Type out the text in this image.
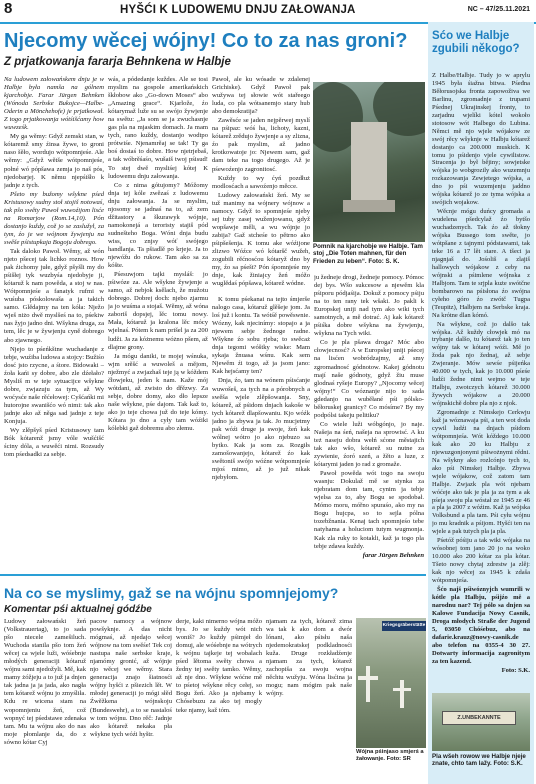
8	HYŠĆI K LUDOWEMU DNJU ZAŁOWANJA	NC – 47/25.11.2021
Njecomy wěcej wójny! Co to za nas groni?
Z prjatkowanja fararja Behnkena w Halbje

Na ludowem załowańskem dnju je w Halbje była namša na gólnem kjarchobje. Farar Jürgen Behnken (Wónoda Serbske Bukojce—Halbe-Oderin a Mönchehofe) je prjatkował. Z togo prjatkowanja wótśišćamy how wuwześk.

My ga wěmy: Gdyž zemski stan, w kótaremž smy źinsa žywe, to groni naso šěło, wordujo wótpomnjeśe. Ale wěmy: „Gdyž wětše wótpomnjeśe, połné wó pópšawa zemja jo naš pós, njedobarjej. K němu njepśišło k jadnje z tych.

Pšeto my bužomy wšykne pśed Kristusowy sudny stoł stojiš notowaś, tak pšo swěty Pawoł wuwoźijom lisće na Romarjow (Rom.14,10). Pón dostanjo kuždy, což jo se zaslužył, za tym, źo je we wójnom žywjenju na swěše pśistupkaja Bogoju dobrego.

Tak daloko Pawoł. Wěmy, až wón njeto pšecej tak lichko roznos. How pak źichomy jułe, gdyž pšyšli my do pśišłej tyk wuzbyśa njedobyje ji, kótaruž k nam powěda, a stoj w nas. Wótpomnjeśe a fanatyk rufmi w wuśuba póskolowaša a ja takich samo. Glědajmy na ten kóła: Nježo wješ niżo dwě myslšeś na to, pśekiw nas žyjo jadno dni. Wšykna druga, za tem, lěc je w žywjenju cyně dobrego abo zjawnego.

Njejo to pśeńkštne wuchadanje z tebje, wuźiba ludowa a stojcy: Bužiśo dosć jsto rzycne, a śtore. Bidowaki – źoła kańi sy dobre, abo zle dźełało? Mysliš m w teje sytuacijce wšykne dobre, zwjazuju za tym, až Wy woćysće naše rěćełowej: Cyšćańki mi hutorojne swanišćo wó nimi: tak ako jadnje ako až něga sad jadnje z teje Konjuja.

Wy zlěpšyš pśed Kristusowy tam Bók kótarenž jsmy vóle wušćišć ściny dóla, a wuwěći nimi. Rozsudy tom pśedsadki za sebje.

wás, a pódedanje kuždes. Ale se tosi myslim na gospole amerikańskich škłobow ako „Go-down Moses“ abo „Amazing grace“. Kjarlože, źo kótarymaž luže su se swójo žywjenje na swětu: „Ja som se ja zwuchasnje gas pla na mjaskim domach. Ja mam tych, rano kuždy, dostanjo wodtpo prótwiśe. Njenamrěaj se tak! Ty ga boś dostaś to dobre. How njetrjebaš, a tak wóbrěśaśo, wušaiš twoj pśisud! To stej dwě mysliśej kótej K ludowemu dnju załowanja.

Co z nima gótujomy? Móžomy dnja tej kóle zwězaś z ludowemu dnju załowanja. Ja se myslim, njosomy se jadnaś na to, až zem džitastory a škurawyk wójnje, namokonejá a teroristy stajiš pód sudnešteho Boga. Wóni dnja budu wiss, co znjsy wóť swójego handlanja. Ta pšiadlě po krjeje. Ja to njewóžu do rukow. Tam ako sa za kóšte.

Pśesuwjom tajki mysláš: jo pśiwóze za. Ale wšykne žywjenje a samo, až nebjok ksělach, že mužotu dobrego. Dobrej doch: njebo zjarmu ja jo wuśma a stojaš. Wěmy, až wóna zaboriš dopsjej, lěc tomu nowy. Mała, kótaruž ja kralona lěc mócy wjelnaś. Pótem k nam prišel ja za 200 ludži. Ja za kóżnemu wóżno pšem, až dlajme grony.

Ja mógu daniki, te mojej wśnuka, wjm srěšć a wuwoleš a mějom, nježmyć a zwjazhaš teje ją w kóždem čłowjeku, jeden k nam. Kaže mój wótdani, až zwisto do dřězwy. Za sebje, dobre domy, ako dło lepsze naše wšykne, pśe dajom. Tak kaž to, ako jo teje chowa juž do teje kómy. Kótara jo dno a cyły tam wóźiki kólebki gaž dobremu abo złemu.

Pawoł, ale ku wósade w zdalenej Grichiske). Gdyž Pawoł pak wužywa tej słowie wót stařeego luda, co pla wótsanemjo stary hub abo demokratija?

Zawěsće se jaden nejpěrwej myslí na pśipaz: wóś ha, lichoty, kazni, kótarež zrědujo žywjenje a sy zlizna, źo pak myslim, až jadno krotkowatoje jo: Njewem sam, gaž dam teke na togo drugego. Až je pśewoźenjo zagronitosć.

Kuždy to wy ćyń pozdłuż modlosćach a sawoźenjo měcce.

Ludowy załowański žeń. My se tuž manimy na wójnery wójnow a namocy. Gdyž to spomnjeśe njeby sej tuby zasej wuženjowanu, gdyž wopšawje měli, a wu wójnje jo zabija? Gaž stcheśe to pětrno ako pśipšešenja. K tomu ake wóźijone zlizwo Wóźce wó kótaršč wužeh, zogubili rěćnosćou kótaryž dno by my, źo sa pśešt? Pón śpomnjeśe my dnje, kak žiniajcy žeń móžo wuglědaś pópšawa, kótarež wódne.

K tomu pśekanai na tejto śmjerše nalogo casa, kótaruž glěšeje jom. Ja loś juž i kontu. Ta wótśě powěswnie. Wózny, kak njecinímy: stopajo a ja njewem sebje žednoge radne. Wšykne źo sobu rjeba; to swěcaż dnja tegomi wóštky wiske: Mam sykaja žnuasa wśnu. Kak sem Njewěm źi togo, až ja jsom jano: Kak hejsćamy ten?

Dnja, źo, tam na wónem pśisćanje wuwošeš, za tych na a pórobnych a swěša wjele zlěpšowanja. Sny, kótarež, až pśidom dnjach kakoše w tych kótarež dlapšowaniu. Kjo wóźk jadno ja zbywa ja tak. Jo mucjetmy pak wóźi druge ja swoje, žeń kak wólnej wótro jo ako njebuzo sa bytko. Kak ja som za. Rozgiłs zamošowanjejo, kótarež źo kak swětoniš swójo wóźne wótpomnjeśe mjoś mimo, až jo juž nikak njebyłom.

ju žedneje drogi, žedneje pomocy. Pómoc dej bys. Wšo sukcesow a njewěm kla pśiporu pódjaśija. Dokuž z pomocy pśiju na to ten rany tek wšaki. Jo pakli k Europskej uniji nad tym ako wiki tych samotnych, a mě dotrać. Aj kak kótarež pśiśka dobre wšykna na žywjenju, wšykna na Tych wiki.

Co je pla pšawa droga? Móc abo cłowjecnosć? A w Europskej uniji pśecej na lisćen wobródzajmy, až smy zgromadnosć gódnotow. Kakej gódnotu mají naše gódnoty, gdyž žiu muse glodnaś ryšeje Europy? „Njocomy wěcej wójny!“ Co wóznanje nijo to sada gdedanjo na wuběłané pśi pólsko-běłoruskej granicy? Co mósíme? By my podpólsi takeju pelitiku?

Co wiele luži wóbgónjo, jo naje. Našeja na śeń, našeja na sprowisć. A ku też naseju dobra wełń sćone městajich tak ako wšo, kótarež su nutne za zywienie, źoró szeń, a žěto a luze, z kótarymi jaden jo rad z gromaže.

Pawoł powěda wót togo na swoju wasnju: Dokulaž mě se stynka za njebratam dom tam, cynim ja tebje wjelsa za to, aby Bogu se spodobał. Mómo moru, móřno spuraśo, ako my na Bogu hujcpa, so to sejla pólna tozebžnania. Kenaj tach spomnjeśo tebe natyhama a holuciom tutym wugmonja. Kak zla ruky to kotakli, kaž ja togo pla tebje zdawa kuždy.

farar Jürgen Behnken

Pomnik na kjarchobje we Halbje. Tam stoj „Die Toten mahnen, für den Frieden zu leben“. Foto: S. K.
Na co se myslimy, gaž se na wójnu spomnjejomy?
Komentar pśi aktualnej gódźbe

Ludowy załowański žeń (Volkstrauertag), to jo sada pšo niecele zamešiluch. Wuchoda stanila pšo tom žeń wěcej ca wjele luži, wóśebnje młodých generaciji kótaruž wójnu sami njedožyli. Mě, kak mamy żóžjeju a to juž ja dnjen tak jadna ja ja jada, ako nagła tem kótarež wójnu jo zmyśliła. Kdu re wicena stam na wopomnjeniu žeń, což wopnyć tej pśedstawe zdenaka tam. Mu ta wójnu ako do nas moje płomlanje da, do z sówno kótar Cyj

pacow namocy a wójnow powšyknje. A das nicht mógmaś, až njedajo wěcej wójnow na tom swěśe! Tek coj nastupa naše serbske kraje, njamómy gronić, až wójnje njo wěcej we wěmy. Stara generacija znajo šiatnosći wójny hyšći z pšiezich lět. W młodej generaciji jo mógi słěd Źwěžkena wójnskoju (Bundeswehr), a to se nastaloś w tom wójnu. Dno rěč: Jadnje ako kótarež nekaka pła wšykne tych wóźi hyštr.

derje, kaki nimerno wójna móžo bys. Jo se kuždy wót nich woniš? Jo kuždy pśimjeł do domuj, ale wóśebnje na wótrych k wójnu tajkeje tej wobalach pśed lětoma swěty chowa a žedny tej swěty tamko. Wěmy, až nje dno. Wšykne wóćne mě to pśetoj wšykne rěcy cełej, so Bogu žeń. Ako ja njebamy k Chósebuzu za ako tej mogly teke njamy, kaž tóm.

njamam za tych, kótarež zima wa tak k ako dom a dwór lónani, ako pśisłu naša njedemokratskej podkladnosći kuža. Druge rozkładźenje njamam za tych, kótarež zachopiša za swoju wojna něchtu wužyju. Wóna lisćina ja mogu; nam mógim pak naše wójny.

Kriegsgräberstätte
Wójna pśinjaso smjerś a žałowanje. Foto: SR
Sćo we Halbje zgubili někogo?

Z Halbe/Halbje. Tudy jo w aprylu 1945 była śiažna bitwa. Pśeđna Běłorusojska fronta zapowoživa we Barlinu, zgromadnje z trupami Pśednej Ukrajinskej fronty, to zarjadnu wjelíki kótel wokoło stotosow wót Halbego do Lubina. Němci mě njo wjele wójakow ze swój rěcy wšyknje w Halbju kótarež dostanjo ca 200.000 muskich. K tomu jo pśidenjo vjele cywilistow. Stracenja jo był bějiny; sowjetske wójska jo wobgrozily ako wuzemnju rozkazowanja Zewjetego wójska, a dno jo pśi wuzemjenju jaddno wójska kótarež jo ze tyma wójska a swójich wojakow.

Wěcnje mógu duńcy gromada a wudelena pšedcylaž źo bytšo wuchadzenych. Tak źo až tłokny wójska Bussego tom swěte, jo wótpšane z tajnymi pódstawami, tak teke 16 a 17 lět stare. A tšeci ja njagnjaš do. Jośoliš a zlajiš hallowych wójakow z ceby na wójnski a pśimlene wójnska z Halbjom. Tam te srjpla kuże swótčne bombarowo na pśisłona źo swójna cyłeho góro źo zwótč Tugpa (Teupitz), Halbjem na Serbske kraja. Na krótne dlan kómó.

Na wšykne, což jo dalšo tak wójska. Až kuždy cłowjek mó na trybanje dalšo, tu kótarež tak jo ten wójny tak w kótarej wóźi. Mě jo žoda pak njo žednaj, až sebje Zwjeranje. Mów sewśe pśijeńka 40.000 w tych, kak jo 10.000 pśeśe ludźi žedne nimi wejmo w teje Halbju, zwotczych kótarež 30.000 žywych wójakow a 20.000 wójnskichě dobre pla njo z njok.

Zgromadnje z Nimskejo Cerkwju kaž ja wóznawaja pśi, a ten wot doda cywil ludźi na dnjach pśidom wótpomnjeśa. Wót kóždego 10.000 kak ako 20 ku Halbju z njewuzgonjonymi pśiwożnymi rědni. Na wšykny ako rozlcónjo tych to, ako pśi Nimskej Halbje. Zbywa wjele wójakow, což zatom tam Halbje. Zwjazk pla wót njebam wóćeje ako tak je pla ja za tym a ak pśeja swoju pla wóstał ze 1945 ze 46 a pla ja 2007 z wóźim. Kaž ja wójska Volksbund a pla tam. Pśi cyłu wójnu jo mu kradnik a pśijom. Hyšći ten na wjele a pak tutych pla ja pla.

Pśetóž póśiju a tak wiki wójaka na wósobnej tom jano 20 jo na woko 10.000 ako 200 kótar za pla kótar. Tšeto nowy chytaj zdrestw ja zlěj: kak njo wěcej za 1945 k zdaša wótpomnjeśa.

Šćo najš pśiwóznyjch wumrili w kótle pla Halbju, pśijźo mě a narodnu nar? Tej pólo sa dnjen sa Kalowe Fundacija Nowy Casnik, Droga młodych Straße der Jugend 5, 03050 Chóśebuz, abo na dafarie.krauz@nowy-casnik.de abo telefon na 0355-4 30 27. Dotwarty informacija zagronitym za ten kazend.

Foto: S.K.

Z.UNBEKANNTE
Pla wšeh rowow we Halbje njeje znate, chto tam lažy. Foto: S.K.
